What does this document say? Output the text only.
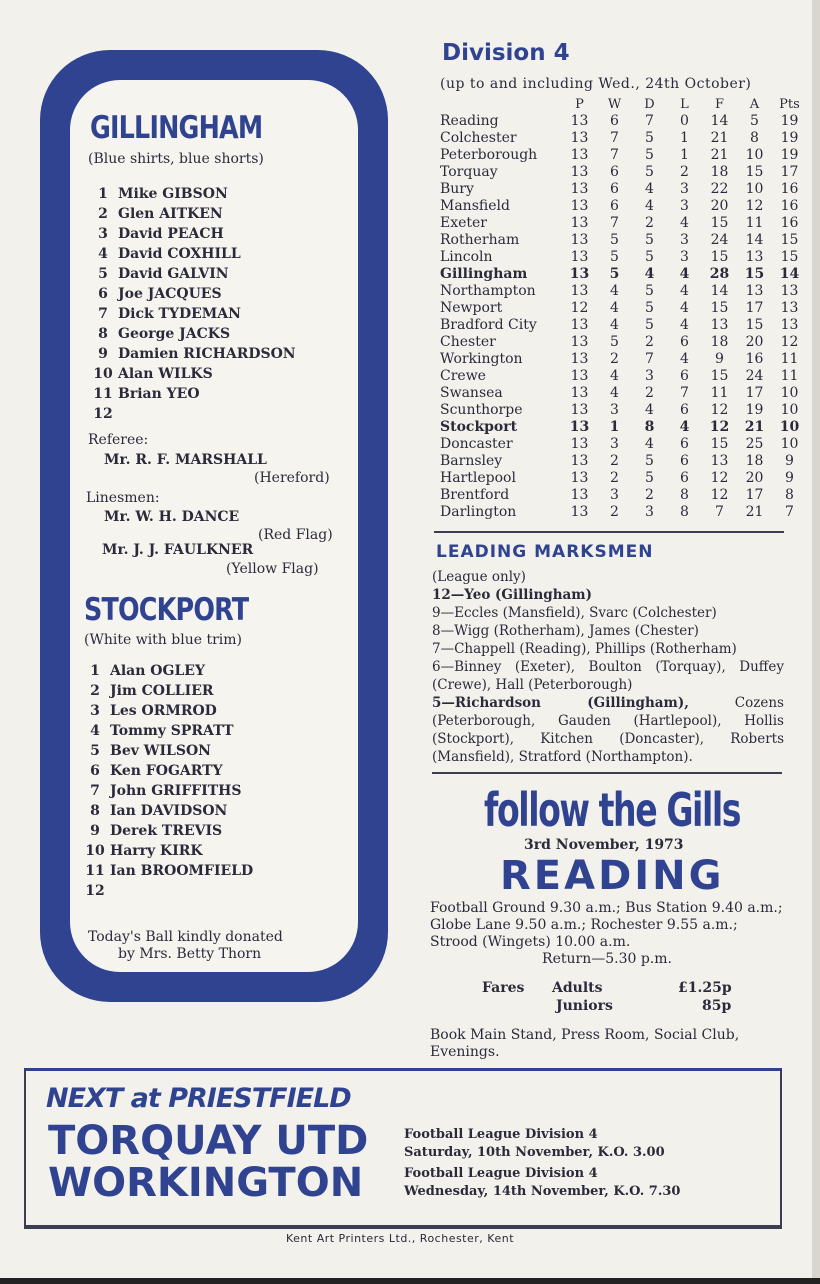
GILLINGHAM
(Blue shirts, blue shorts)
1 Mike GIBSON
2 Glen AITKEN
3 David PEACH
4 David COXHILL
5 David GALVIN
6 Joe JACQUES
7 Dick TYDEMAN
8 George JACKS
9 Damien RICHARDSON
10 Alan WILKS
11 Brian YEO
12
Referee:
Mr. R. F. MARSHALL
(Hereford)
Linesmen:
Mr. W. H. DANCE
(Red Flag)
Mr. J. J. FAULKNER
(Yellow Flag)
STOCKPORT
(White with blue trim)
1 Alan OGLEY
2 Jim COLLIER
3 Les ORMROD
4 Tommy SPRATT
5 Bev WILSON
6 Ken FOGARTY
7 John GRIFFITHS
8 Ian DAVIDSON
9 Derek TREVIS
10 Harry KIRK
11 Ian BROOMFIELD
12
Today's Ball kindly donated
by Mrs. Betty Thorn
Division 4
(up to and including Wed., 24th October)
	P	W	D	L	F	A	Pts
Reading	13	6	7	0	14	5	19
Colchester	13	7	5	1	21	8	19
Peterborough	13	7	5	1	21	10	19
Torquay	13	6	5	2	18	15	17
Bury	13	6	4	3	22	10	16
Mansfield	13	6	4	3	20	12	16
Exeter	13	7	2	4	15	11	16
Rotherham	13	5	5	3	24	14	15
Lincoln	13	5	5	3	15	13	15
Gillingham	13	5	4	4	28	15	14
Northampton	13	4	5	4	14	13	13
Newport	12	4	5	4	15	17	13
Bradford City	13	4	5	4	13	15	13
Chester	13	5	2	6	18	20	12
Workington	13	2	7	4	9	16	11
Crewe	13	4	3	6	15	24	11
Swansea	13	4	2	7	11	17	10
Scunthorpe	13	3	4	6	12	19	10
Stockport	13	1	8	4	12	21	10
Doncaster	13	3	4	6	15	25	10
Barnsley	13	2	5	6	13	18	9
Hartlepool	13	2	5	6	12	20	9
Brentford	13	3	2	8	12	17	8
Darlington	13	2	3	8	7	21	7
LEADING MARKSMEN

(League only)

12—Yeo (Gillingham)

9—Eccles (Mansfield), Svarc (Colchester)

8—Wigg (Rotherham), James (Chester)

7—Chappell (Reading), Phillips (Rotherham)

6—Binney (Exeter), Boulton (Torquay), Duffey (Crewe), Hall (Peterborough)

5—Richardson (Gillingham), Cozens (Peterborough, Gauden (Hartlepool), Hollis (Stockport), Kitchen (Doncaster), Roberts (Mansfield), Stratford (Northampton).

follow the Gills
3rd November, 1973
READING

Football Ground 9.30 a.m.; Bus Station 9.40 a.m.; Globe Lane 9.50 a.m.; Rochester 9.55 a.m.; Strood (Wingets) 10.00 a.m.

Return—5.30 p.m.

Fares Adults	£1.25p
Juniors	85p
Book Main Stand, Press Room, Social Club, Evenings.
NEXT at PRIESTFIELD
TORQUAY UTD
WORKINGTON
Football League Division 4
Saturday, 10th November, K.O. 3.00
Football League Division 4
Wednesday, 14th November, K.O. 7.30
Kent Art Printers Ltd., Rochester, Kent
